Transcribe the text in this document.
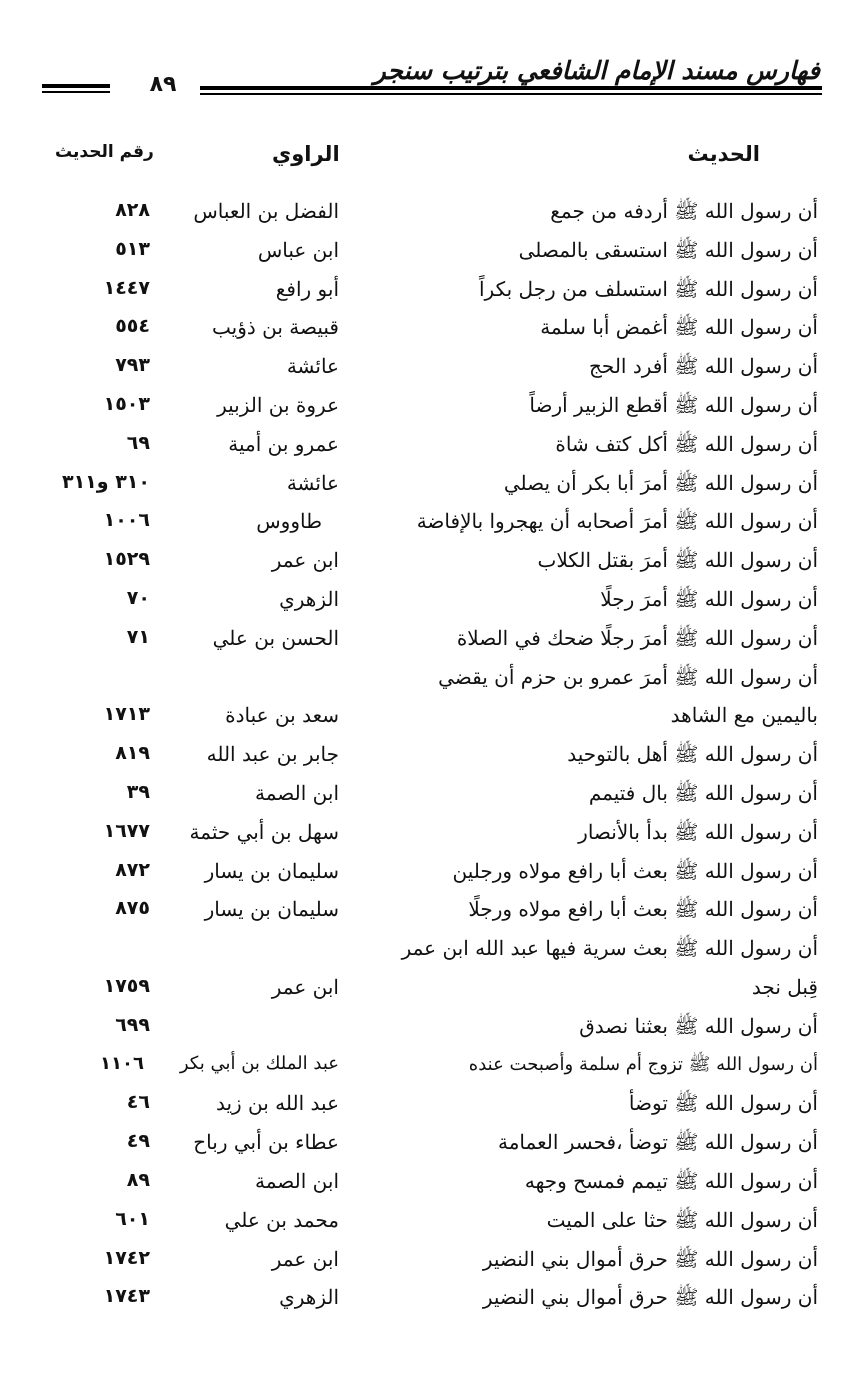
فهارس مسند الإمام الشافعي بترتيب سنجر
٨٩
الحديث
الراوي
رقم الحديث
أن رسول الله ﷺ أردفه من جمع
الفضل بن العباس
٨٢٨
أن رسول الله ﷺ استسقى بالمصلى
ابن عباس
٥١٣
أن رسول الله ﷺ استسلف من رجل بكراً
أبو رافع
١٤٤٧
أن رسول الله ﷺ أغمض أبا سلمة
قبيصة بن ذؤيب
٥٥٤
أن رسول الله ﷺ أفرد الحج
عائشة
٧٩٣
أن رسول الله ﷺ أقطع الزبير أرضاً
عروة بن الزبير
١٥٠٣
أن رسول الله ﷺ أكل كتف شاة
عمرو بن أمية
٦٩
أن رسول الله ﷺ أمرَ أبا بكر أن يصلي
عائشة
٣١٠ و٣١١
أن رسول الله ﷺ أمرَ أصحابه أن يهجروا بالإفاضة
طاووس
١٠٠٦
أن رسول الله ﷺ أمرَ بقتل الكلاب
ابن عمر
١٥٢٩
أن رسول الله ﷺ أمرَ رجلًا
الزهري
٧٠
أن رسول الله ﷺ أمرَ رجلًا ضحك في الصلاة
الحسن بن علي
٧١
أن رسول الله ﷺ أمرَ عمرو بن حزم أن يقضي
باليمين مع الشاهد
سعد بن عبادة
١٧١٣
أن رسول الله ﷺ أهل بالتوحيد
جابر بن عبد الله
٨١٩
أن رسول الله ﷺ بال فتيمم
ابن الصمة
٣٩
أن رسول الله ﷺ بدأ بالأنصار
سهل بن أبي حثمة
١٦٧٧
أن رسول الله ﷺ بعث أبا رافع مولاه ورجلين
سليمان بن يسار
٨٧٢
أن رسول الله ﷺ بعث أبا رافع مولاه ورجلًا
سليمان بن يسار
٨٧٥
أن رسول الله ﷺ بعث سرية فيها عبد الله ابن عمر
قِبل نجد
ابن عمر
١٧٥٩
أن رسول الله ﷺ بعثنا نصدق
٦٩٩
أن رسول الله ﷺ تزوج أم سلمة وأصبحت عنده
عبد الملك بن أبي بكر
١١٠٦
أن رسول الله ﷺ توضأ
عبد الله بن زيد
٤٦
أن رسول الله ﷺ توضأ ،فحسر العمامة
عطاء بن أبي رباح
٤٩
أن رسول الله ﷺ تيمم فمسح وجهه
ابن الصمة
٨٩
أن رسول الله ﷺ حثا على الميت
محمد بن علي
٦٠١
أن رسول الله ﷺ حرق أموال بني النضير
ابن عمر
١٧٤٢
أن رسول الله ﷺ حرق أموال بني النضير
الزهري
١٧٤٣
